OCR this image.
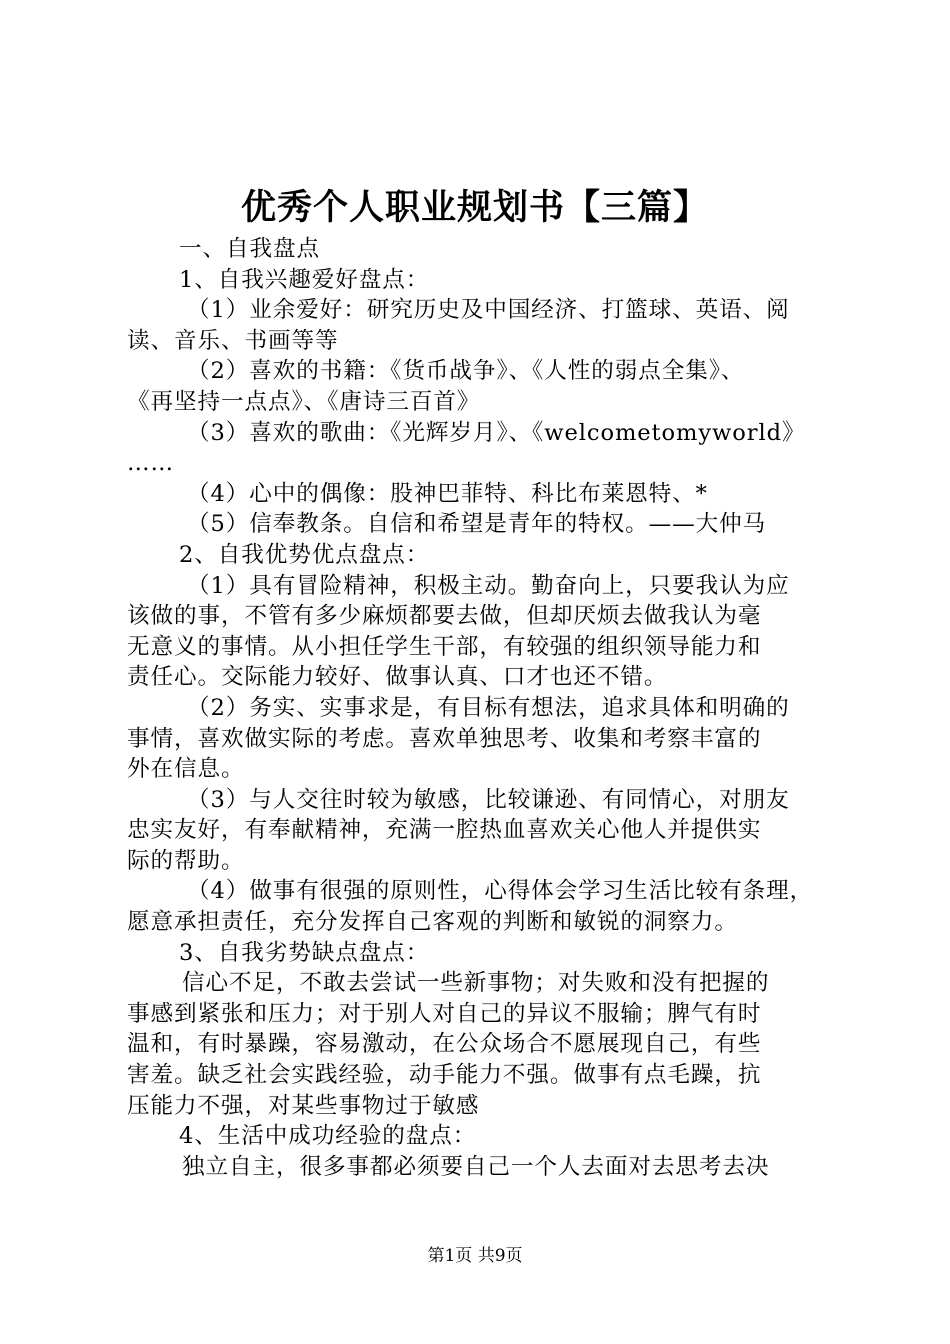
优秀个人职业规划书【三篇】
一、自我盘点
1、自我兴趣爱好盘点：
（1）业余爱好：研究历史及中国经济、打篮球、英语、阅
读、音乐、书画等等
（2）喜欢的书籍：《货币战争》、《人性的弱点全集》、
《再坚持一点点》、《唐诗三百首》
（3）喜欢的歌曲：《光辉岁月》、《welcometomyworld》
……
（4）心中的偶像：股神巴菲特、科比布莱恩特、*
（5）信奉教条。自信和希望是青年的特权。——大仲马
2、自我优势优点盘点：
（1）具有冒险精神，积极主动。勤奋向上，只要我认为应
该做的事，不管有多少麻烦都要去做，但却厌烦去做我认为毫
无意义的事情。从小担任学生干部，有较强的组织领导能力和
责任心。交际能力较好、做事认真、口才也还不错。
（2）务实、实事求是，有目标有想法，追求具体和明确的
事情，喜欢做实际的考虑。喜欢单独思考、收集和考察丰富的
外在信息。
（3）与人交往时较为敏感，比较谦逊、有同情心，对朋友
忠实友好，有奉献精神，充满一腔热血喜欢关心他人并提供实
际的帮助。
（4）做事有很强的原则性，心得体会学习生活比较有条理，
愿意承担责任，充分发挥自己客观的判断和敏锐的洞察力。
3、自我劣势缺点盘点：
信心不足，不敢去尝试一些新事物；对失败和没有把握的
事感到紧张和压力；对于别人对自己的异议不服输；脾气有时
温和，有时暴躁，容易激动，在公众场合不愿展现自己，有些
害羞。缺乏社会实践经验，动手能力不强。做事有点毛躁，抗
压能力不强，对某些事物过于敏感
4、生活中成功经验的盘点：
独立自主，很多事都必须要自己一个人去面对去思考去决
第1页 共9页
